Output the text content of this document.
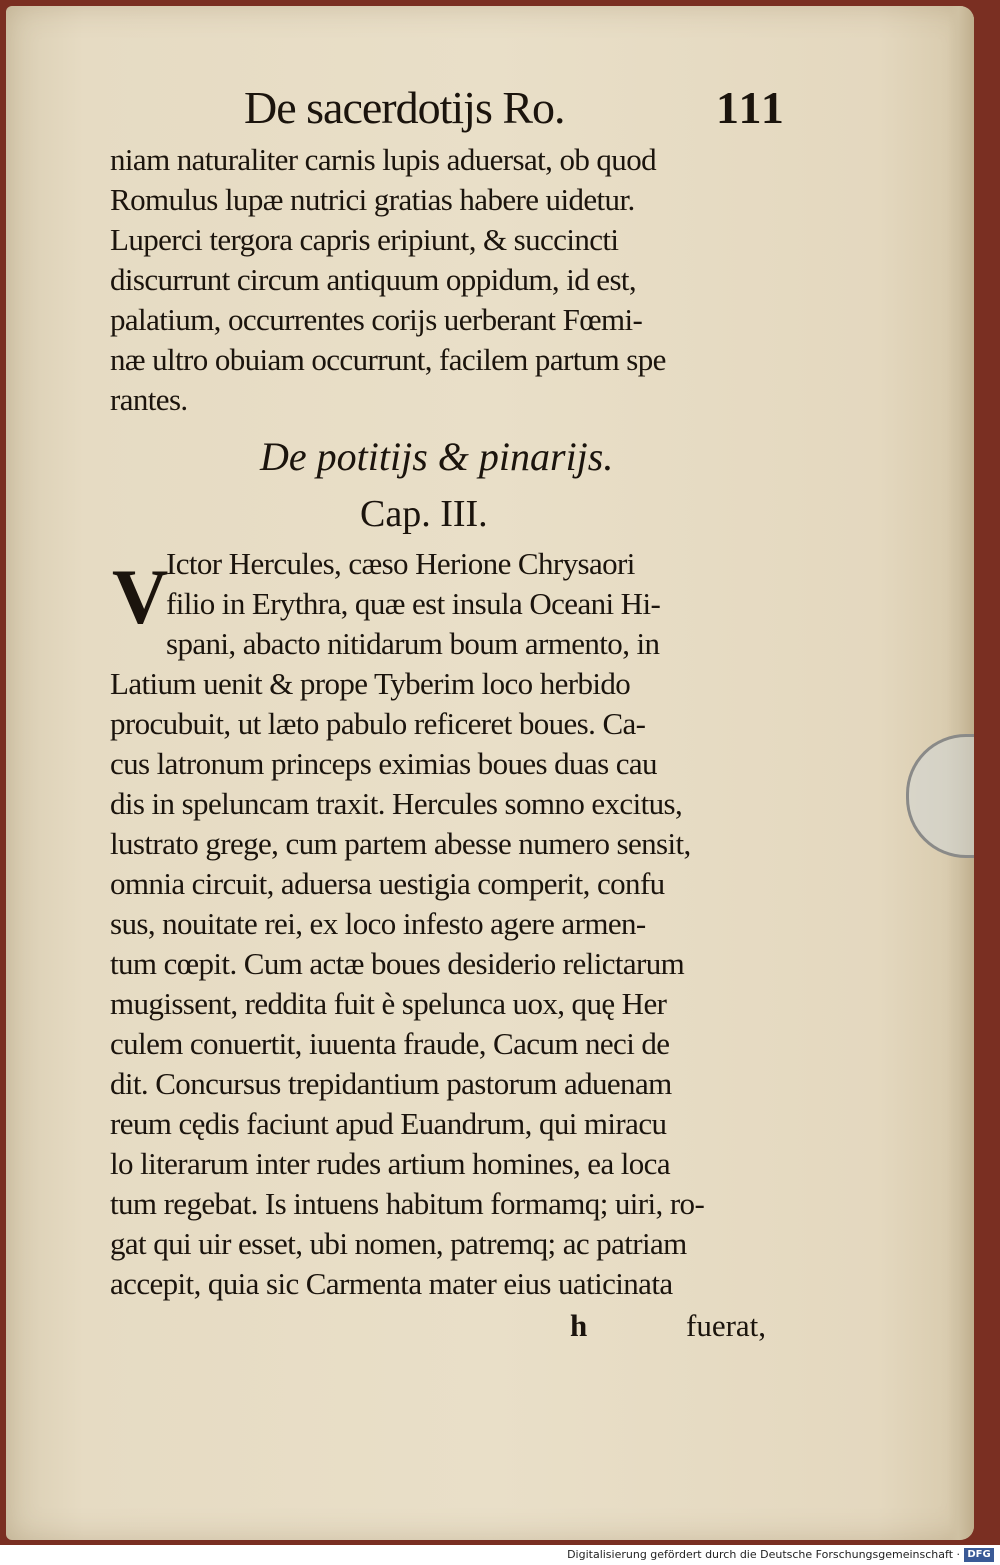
De sacerdotijs Ro.	111
niam naturaliter carnis lupis aduersat, ob quod
Romulus lupæ nutrici gratias habere uidetur.
Luperci tergora capris eripiunt, & succincti
discurrunt circum antiquum oppidum, id est,
palatium, occurrentes corijs uerberant Fœmi-
næ ultro obuiam occurrunt, facilem partum spe
rantes.
De potitijs & pinarijs.
Cap. III.
V
Ictor Hercules, cæso Herione Chrysaori
filio in Erythra, quæ est insula Oceani Hi-
spani, abacto nitidarum boum armento, in
Latium uenit & prope Tyberim loco herbido
procubuit, ut læto pabulo reficeret boues. Ca-
cus latronum princeps eximias boues duas cau
dis in speluncam traxit. Hercules somno excitus,
lustrato grege, cum partem abesse numero sensit,
omnia circuit, aduersa uestigia comperit, confu
sus, nouitate rei, ex loco infesto agere armen-
tum cœpit. Cum actæ boues desiderio relictarum
mugissent, reddita fuit è spelunca uox, quę Her
culem conuertit, iuuenta fraude, Cacum neci de
dit. Concursus trepidantium pastorum aduenam
reum cędis faciunt apud Euandrum, qui miracu
lo literarum inter rudes artium homines, ea loca
tum regebat. Is intuens habitum formamq; uiri, ro-
gat qui uir esset, ubi nomen, patremq; ac patriam
accepit, quia sic Carmenta mater eius uaticinata
h	fuerat,
Digitalisierung gefördert durch die Deutsche Forschungsgemeinschaft · DFG
